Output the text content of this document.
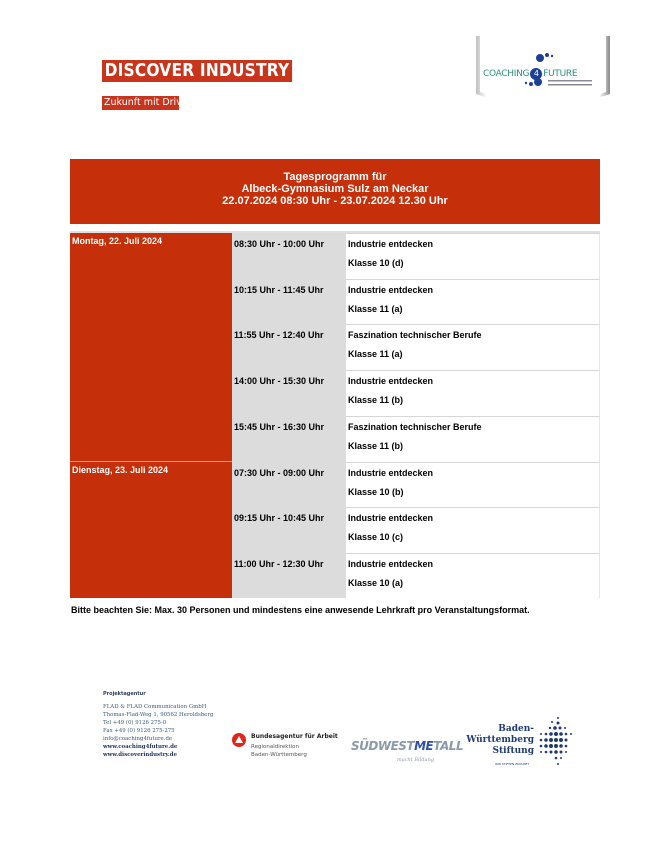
DISCOVER INDUSTRY
Zukunft mit Drive
COACHING 4 FUTURE
Tagesprogramm für
Albeck-Gymnasium Sulz am Neckar
22.07.2024 08:30 Uhr - 23.07.2024 12.30 Uhr
Montag, 22. Juli 2024	08:30 Uhr - 10:00 Uhr	Industrie entdecken
Klasse 10 (d)
10:15 Uhr - 11:45 Uhr	Industrie entdecken
Klasse 11 (a)
11:55 Uhr - 12:40 Uhr	Faszination technischer Berufe
Klasse 11 (a)
14:00 Uhr - 15:30 Uhr	Industrie entdecken
Klasse 11 (b)
15:45 Uhr - 16:30 Uhr	Faszination technischer Berufe
Klasse 11 (b)
Dienstag, 23. Juli 2024	07:30 Uhr - 09:00 Uhr	Industrie entdecken
Klasse 10 (b)
09:15 Uhr - 10:45 Uhr	Industrie entdecken
Klasse 10 (c)
11:00 Uhr - 12:30 Uhr	Industrie entdecken
Klasse 10 (a)
Bitte beachten Sie: Max. 30 Personen und mindestens eine anwesende Lehrkraft pro Veranstaltungsformat.
Projektagentur
FLAD & FLAD Communication GmbH
Thomas-Flad-Weg 1, 90562 Heroldsberg
Tel +49 (0) 9126 275-0
Fax +49 (0) 9126 275-275
info@coaching4future.de
www.coaching4future.de
www.discoverindustry.de
Bundesagentur für Arbeit
Regionaldirektion
Baden-Württemberg
SÜDWESTMETALL
macht Bildung
Baden-
Württemberg
Stiftung
WIR STIFTEN ZUKUNFT
